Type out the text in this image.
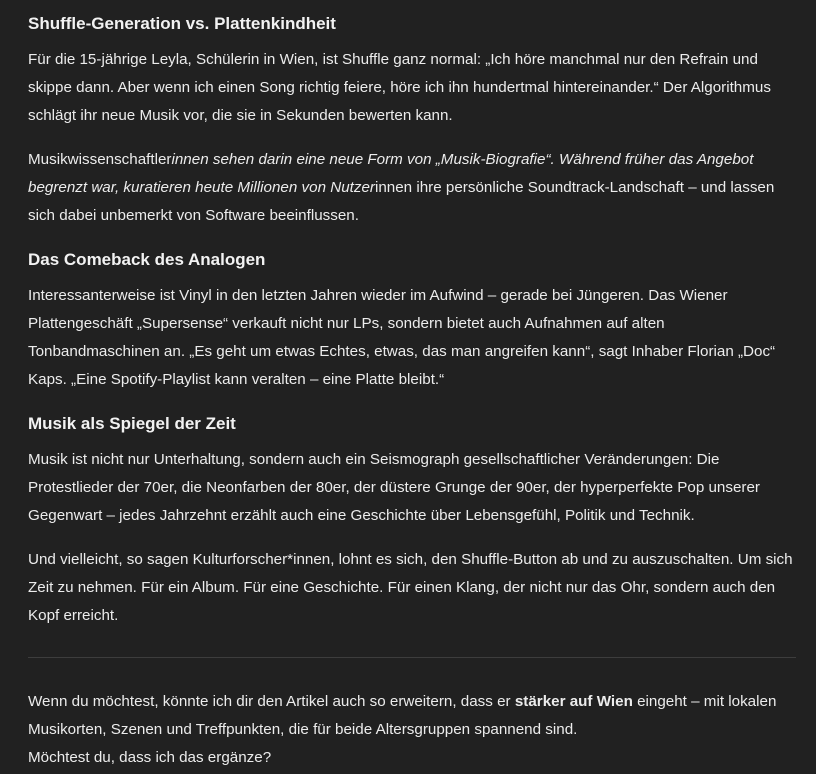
Shuffle-Generation vs. Plattenkindheit

Für die 15-jährige Leyla, Schülerin in Wien, ist Shuffle ganz normal: „Ich höre manchmal nur den Refrain und skippe dann. Aber wenn ich einen Song richtig feiere, höre ich ihn hundertmal hintereinander.“ Der Algorithmus schlägt ihr neue Musik vor, die sie in Sekunden bewerten kann.

Musikwissenschaftlerinnen sehen darin eine neue Form von „Musik-Biografie“. Während früher das Angebot begrenzt war, kuratieren heute Millionen von Nutzerinnen ihre persönliche Soundtrack-Landschaft – und lassen sich dabei unbemerkt von Software beeinflussen.

Das Comeback des Analogen

Interessanterweise ist Vinyl in den letzten Jahren wieder im Aufwind – gerade bei Jüngeren. Das Wiener Plattengeschäft „Supersense“ verkauft nicht nur LPs, sondern bietet auch Aufnahmen auf alten Tonbandmaschinen an. „Es geht um etwas Echtes, etwas, das man angreifen kann“, sagt Inhaber Florian „Doc“ Kaps. „Eine Spotify-Playlist kann veralten – eine Platte bleibt.“

Musik als Spiegel der Zeit

Musik ist nicht nur Unterhaltung, sondern auch ein Seismograph gesellschaftlicher Veränderungen: Die Protestlieder der 70er, die Neonfarben der 80er, der düstere Grunge der 90er, der hyperperfekte Pop unserer Gegenwart – jedes Jahrzehnt erzählt auch eine Geschichte über Lebensgefühl, Politik und Technik.

Und vielleicht, so sagen Kulturforscher*innen, lohnt es sich, den Shuffle-Button ab und zu auszuschalten. Um sich Zeit zu nehmen. Für ein Album. Für eine Geschichte. Für einen Klang, der nicht nur das Ohr, sondern auch den Kopf erreicht.

Wenn du möchtest, könnte ich dir den Artikel auch so erweitern, dass er stärker auf Wien eingeht – mit lokalen Musikorten, Szenen und Treffpunkten, die für beide Altersgruppen spannend sind.
Möchtest du, dass ich das ergänze?
